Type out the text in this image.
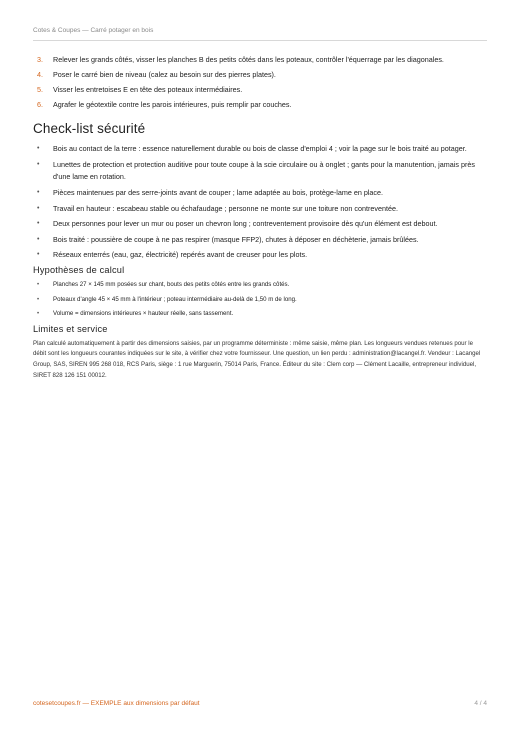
Cotes & Coupes — Carré potager en bois
3. Relever les grands côtés, visser les planches B des petits côtés dans les poteaux, contrôler l'équerrage par les diagonales.
4. Poser le carré bien de niveau (calez au besoin sur des pierres plates).
5. Visser les entretoises E en tête des poteaux intermédiaires.
6. Agrafer le géotextile contre les parois intérieures, puis remplir par couches.
Check-list sécurité
• Bois au contact de la terre : essence naturellement durable ou bois de classe d'emploi 4 ; voir la page sur le bois traité au potager.
• Lunettes de protection et protection auditive pour toute coupe à la scie circulaire ou à onglet ; gants pour la manutention, jamais près d'une lame en rotation.
• Pièces maintenues par des serre-joints avant de couper ; lame adaptée au bois, protège-lame en place.
• Travail en hauteur : escabeau stable ou échafaudage ; personne ne monte sur une toiture non contreventée.
• Deux personnes pour lever un mur ou poser un chevron long ; contreventement provisoire dès qu'un élément est debout.
• Bois traité : poussière de coupe à ne pas respirer (masque FFP2), chutes à déposer en déchèterie, jamais brûlées.
• Réseaux enterrés (eau, gaz, électricité) repérés avant de creuser pour les plots.
Hypothèses de calcul
• Planches 27 × 145 mm posées sur chant, bouts des petits côtés entre les grands côtés.
• Poteaux d'angle 45 × 45 mm à l'intérieur ; poteau intermédiaire au-delà de 1,50 m de long.
• Volume = dimensions intérieures × hauteur réelle, sans tassement.
Limites et service

Plan calculé automatiquement à partir des dimensions saisies, par un programme déterministe : même saisie, même plan. Les longueurs vendues retenues pour le débit sont les longueurs courantes indiquées sur le site, à vérifier chez votre fournisseur. Une question, un lien perdu : administration@lacangel.fr. Vendeur : Lacangel Group, SAS, SIREN 995 268 018, RCS Paris, siège : 1 rue Marguerin, 75014 Paris, France. Éditeur du site : Clem corp — Clément Lacaille, entrepreneur individuel, SIRET 828 126 151 00012.

cotesetcoupes.fr — EXEMPLE aux dimensions par défaut	4 / 4
